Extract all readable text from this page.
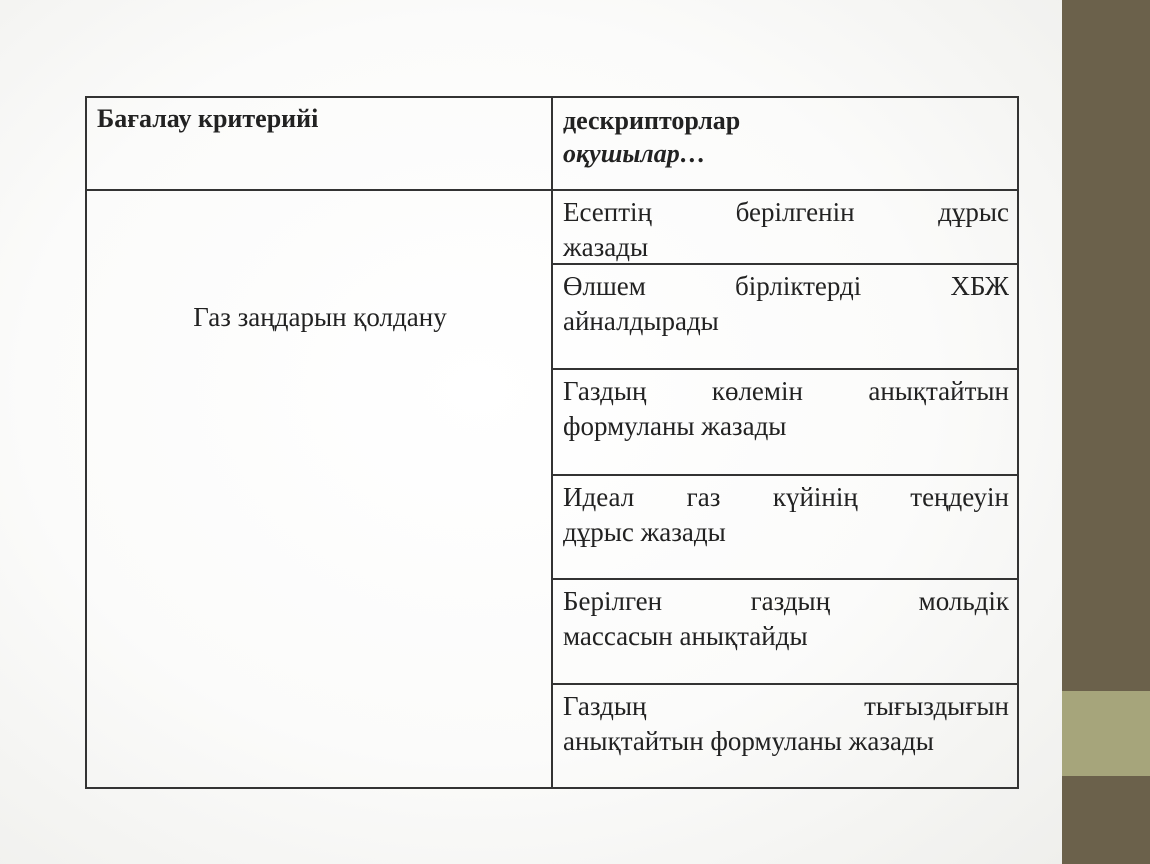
Бағалау критерийі	дескрипторлар
оқушылар…
Газ заңдарын қолдану
Есептің берілгенін дұрыс
жазады
Өлшем бірліктерді ХБЖ
айналдырады
Газдың көлемін анықтайтын
формуланы жазады
Идеал газ күйінің теңдеуін
дұрыс жазады
Берілген газдың мольдік
массасын анықтайды
Газдың тығыздығын
анықтайтын формуланы жазады
